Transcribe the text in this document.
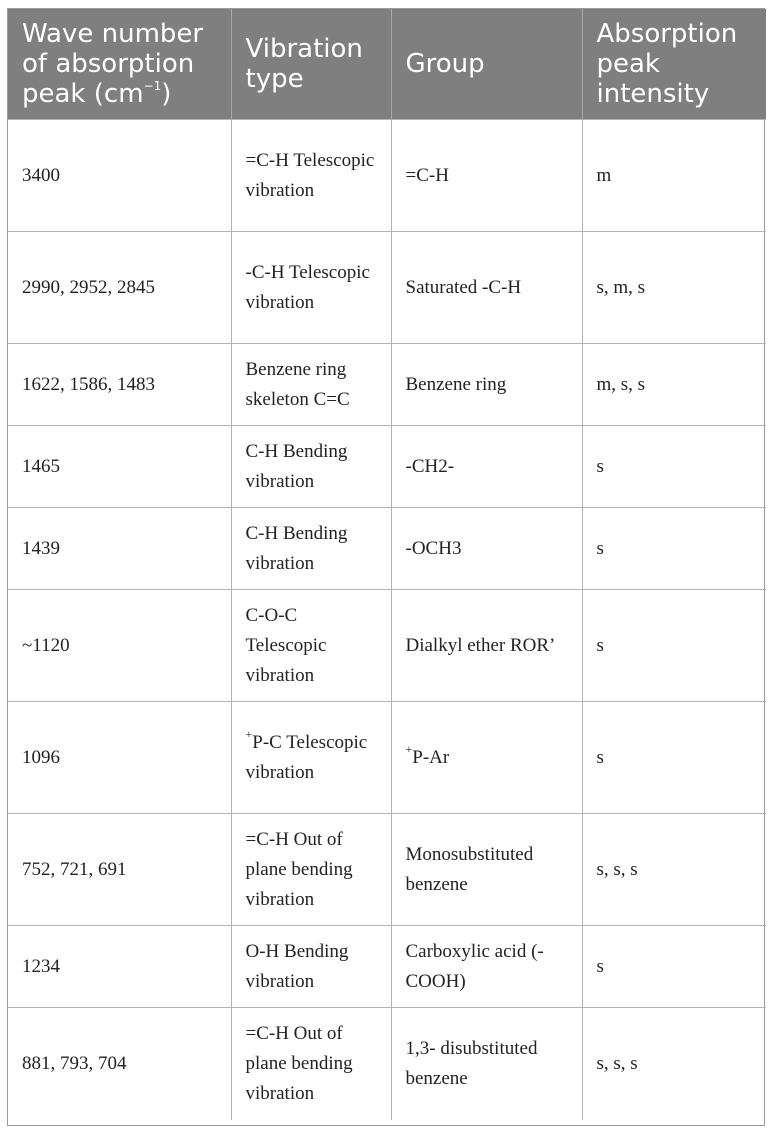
Wave number of absorption peak $(cm^{-1})$	Vibration type	Group	Absorption peak intensity
3400	=C-H Telescopic vibration	=C-H	m
2990, 2952, 2845	-C-H Telescopic vibration	Saturated -C-H	s, m, s
1622, 1586, 1483	Benzene ring skeleton C=C	Benzene ring	m, s, s
1465	C-H Bending vibration	-CH2-	s
1439	C-H Bending vibration	-OCH3	s
~1120	C-O-C Telescopic vibration	Dialkyl ether ROR’	s
1096	+P-C Telescopic vibration	+P-Ar	s
752, 721, 691	=C-H Out of plane bending vibration	Monosubstituted benzene	s, s, s
1234	O-H Bending vibration	Carboxylic acid (-COOH)	s
881, 793, 704	=C-H Out of plane bending vibration	1,3- disubstituted benzene	s, s, s
